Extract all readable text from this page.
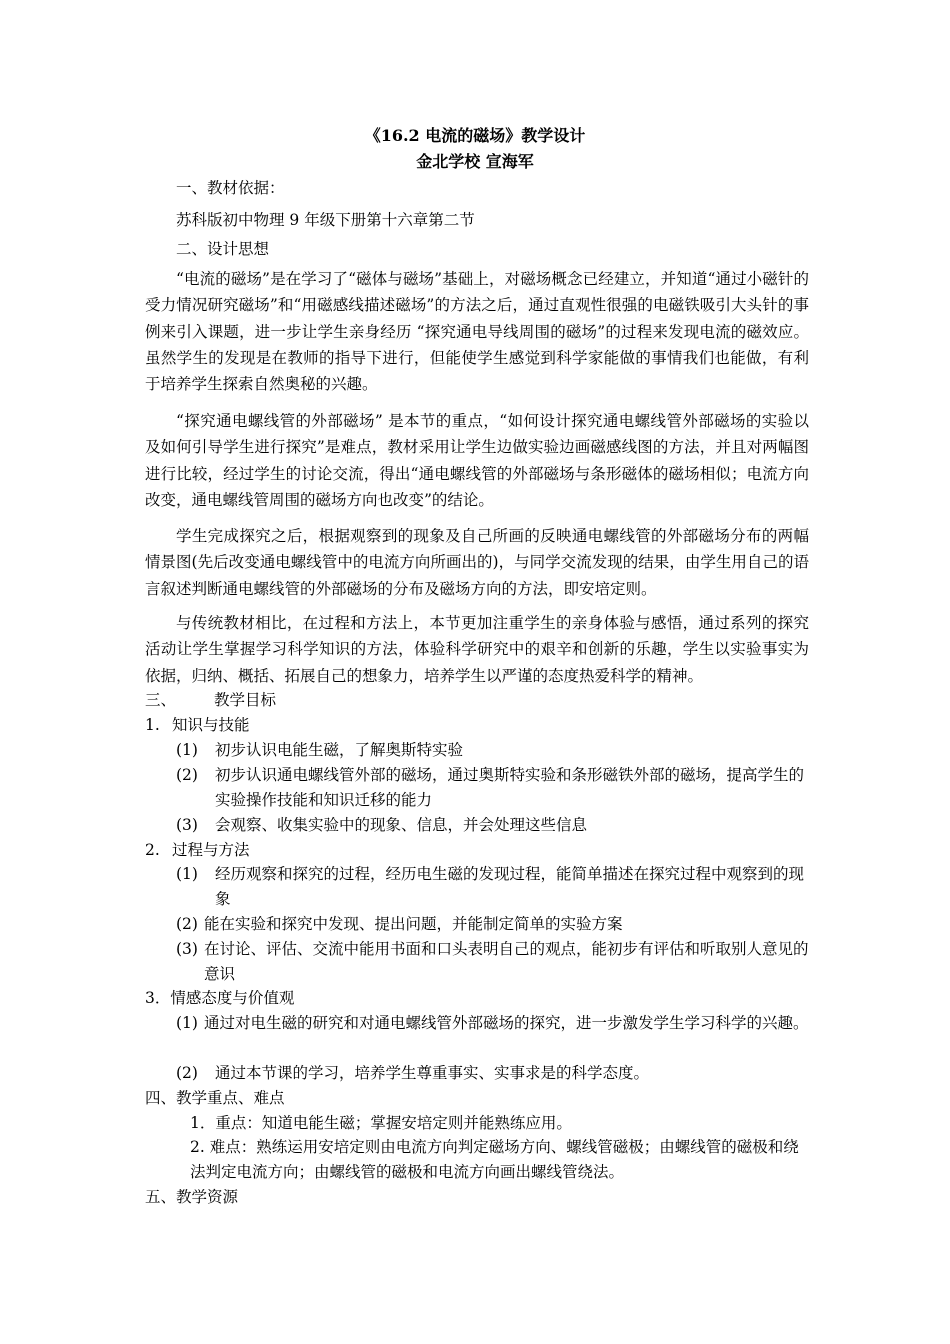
《16.2 电流的磁场》教学设计
金北学校 宣海军
一、教材依据：
苏科版初中物理 9 年级下册第十六章第二节
二、设计思想
“电流的磁场”是在学习了“磁体与磁场”基础上，对磁场概念已经建立，并知道“通过小磁针的受力情况研究磁场”和“用磁感线描述磁场”的方法之后，通过直观性很强的电磁铁吸引大头针的事例来引入课题，进一步让学生亲身经历 “探究通电导线周围的磁场”的过程来发现电流的磁效应。虽然学生的发现是在教师的指导下进行，但能使学生感觉到科学家能做的事情我们也能做，有利于培养学生探索自然奥秘的兴趣。
“探究通电螺线管的外部磁场” 是本节的重点，“如何设计探究通电螺线管外部磁场的实验以及如何引导学生进行探究”是难点，教材采用让学生边做实验边画磁感线图的方法，并且对两幅图进行比较，经过学生的讨论交流，得出“通电螺线管的外部磁场与条形磁体的磁场相似；电流方向改变，通电螺线管周围的磁场方向也改变”的结论。
学生完成探究之后，根据观察到的现象及自己所画的反映通电螺线管的外部磁场分布的两幅情景图(先后改变通电螺线管中的电流方向所画出的)，与同学交流发现的结果，由学生用自己的语言叙述判断通电螺线管的外部磁场的分布及磁场方向的方法，即安培定则。
与传统教材相比，在过程和方法上，本节更加注重学生的亲身体验与感悟，通过系列的探究活动让学生掌握学习科学知识的方法，体验科学研究中的艰辛和创新的乐趣，学生以实验事实为依据，归纳、概括、拓展自己的想象力，培养学生以严谨的态度热爱科学的精神。
三、 教学目标
1. 知识与技能
(1)	初步认识电能生磁，了解奥斯特实验
(2)	初步认识通电螺线管外部的磁场，通过奥斯特实验和条形磁铁外部的磁场，提高学生的实验操作技能和知识迁移的能力
(3)	会观察、收集实验中的现象、信息，并会处理这些信息
2. 过程与方法
(1)	经历观察和探究的过程，经历电生磁的发现过程，能简单描述在探究过程中观察到的现象
(2) 能在实验和探究中发现、提出问题，并能制定简单的实验方案
(3) 在讨论、评估、交流中能用书面和口头表明自己的观点，能初步有评估和听取别人意见的意识
3．情感态度与价值观
(1) 通过对电生磁的研究和对通电螺线管外部磁场的探究，进一步激发学生学习科学的兴趣。
(2)	通过本节课的学习，培养学生尊重事实、实事求是的科学态度。
四、教学重点、难点
1．重点：知道电能生磁；掌握安培定则并能熟练应用。
2. 难点：熟练运用安培定则由电流方向判定磁场方向、螺线管磁极；由螺线管的磁极和绕法判定电流方向；由螺线管的磁极和电流方向画出螺线管绕法。
五、教学资源
